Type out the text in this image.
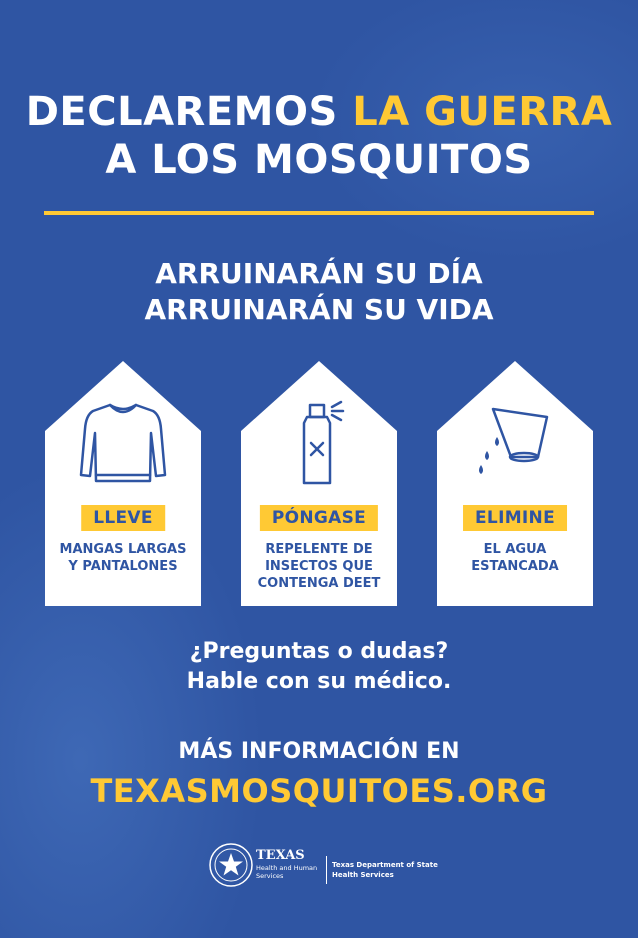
DECLAREMOS LA GUERRA
A LOS MOSQUITOS
ARRUINARÁN SU DÍA
ARRUINARÁN SU VIDA
LLEVE
MANGAS LARGAS
Y PANTALONES
PÓNGASE
REPELENTE DE
INSECTOS QUE
CONTENGA DEET
ELIMINE
EL AGUA
ESTANCADA
¿Preguntas o dudas?
Hable con su médico.
MÁS INFORMACIÓN EN
TEXASMOSQUITOES.ORG
TEXAS
Health and Human
Services
Texas Department of State
Health Services
